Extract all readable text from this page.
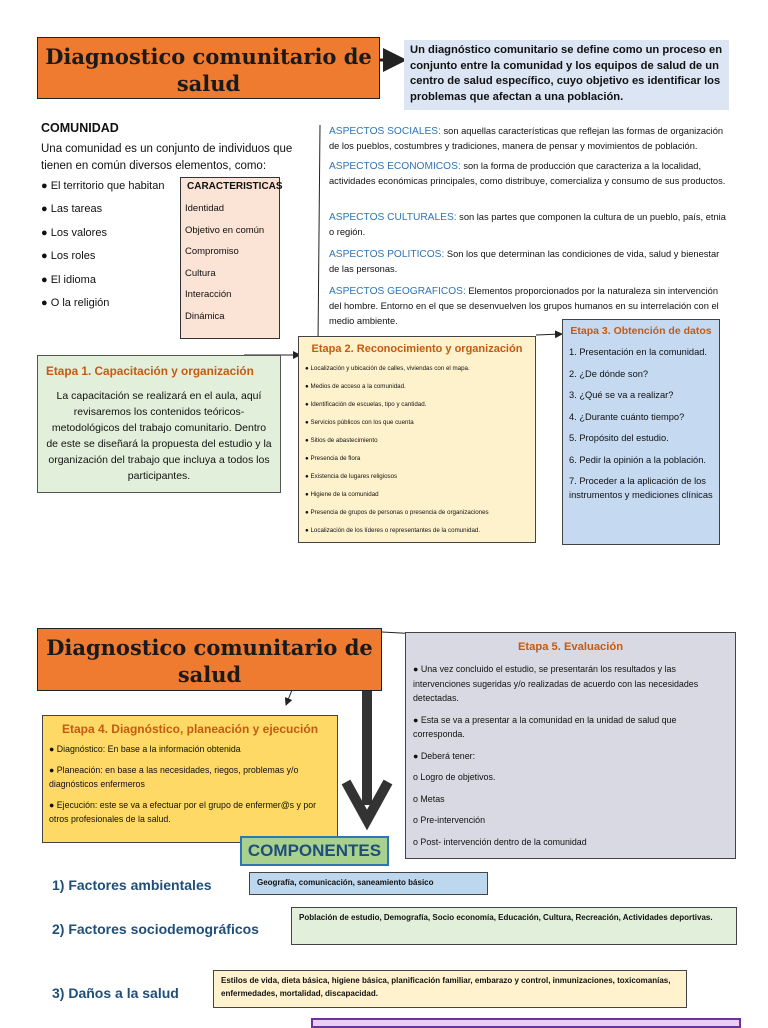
Diagnostico comunitario de salud
Un diagnóstico comunitario se define como un proceso en conjunto entre la comunidad y los equipos de salud de un centro de salud específico, cuyo objetivo es identificar los problemas que afectan a una población.
COMUNIDAD
Una comunidad es un conjunto de individuos que tienen en común diversos elementos, como:
● El territorio que habitan
● Las tareas
● Los valores
● Los roles
● El idioma
● O la religión
CARACTERISTICAS
Identidad
Objetivo en común
Compromiso
Cultura
Interacción
Dinámica
ASPECTOS SOCIALES: son aquellas características que reflejan las formas de organización de los pueblos, costumbres y tradiciones, manera de pensar y movimientos de población.
ASPECTOS ECONOMICOS: son la forma de producción que caracteriza a la localidad, actividades económicas principales, como distribuye, comercializa y consumo de sus productos.
ASPECTOS CULTURALES: son las partes que componen la cultura de un pueblo, país, etnia o región.
ASPECTOS POLITICOS: Son los que determinan las condiciones de vida, salud y bienestar de las personas.
ASPECTOS GEOGRAFICOS: Elementos proporcionados por la naturaleza sin intervención del hombre. Entorno en el que se desenvuelven los grupos humanos en su interrelación con el medio ambiente.
Etapa 1. Capacitación y organización
La capacitación se realizará en el aula, aquí revisaremos los contenidos teóricos-metodológicos del trabajo comunitario. Dentro de este se diseñará la propuesta del estudio y la organización del trabajo que incluya a todos los participantes.
Etapa 2. Reconocimiento y organización
● Localización y ubicación de calles, viviendas con el mapa.
● Medios de acceso a la comunidad.
● Identificación de escuelas, tipo y cantidad.
● Servicios públicos con los que cuenta
● Sitios de abastecimiento
● Presencia de flora
● Existencia de lugares religiosos
● Higiene de la comunidad
● Presencia de grupos de personas o presencia de organizaciones
● Localización de los líderes o representantes de la comunidad.
Etapa 3. Obtención de datos
1. Presentación en la comunidad.
2. ¿De dónde son?
3. ¿Qué se va a realizar?
4. ¿Durante cuánto tiempo?
5. Propósito del estudio.
6. Pedir la opinión a la población.
7. Proceder a la aplicación de los instrumentos y mediciones clínicas
Diagnostico comunitario de salud
Etapa 5. Evaluación
● Una vez concluido el estudio, se presentarán los resultados y las intervenciones sugeridas y/o realizadas de acuerdo con las necesidades detectadas.
● Esta se va a presentar a la comunidad en la unidad de salud que corresponda.
● Deberá tener:
o Logro de objetivos.
o Metas
o Pre-intervención
o Post- intervención dentro de la comunidad
Etapa 4. Diagnóstico, planeación y ejecución
● Diagnóstico: En base a la información obtenida
● Planeación: en base a las necesidades, riegos, problemas y/o diagnósticos enfermeros
● Ejecución: este se va a efectuar por el grupo de enfermer@s y por otros profesionales de la salud.
COMPONENTES
1) Factores ambientales	Geografía, comunicación, saneamiento básico
2) Factores sociodemográficos
Población de estudio, Demografía, Socio economía, Educación, Cultura, Recreación, Actividades deportivas.
3) Daños a la salud
Estilos de vida, dieta básica, higiene básica, planificación familiar, embarazo y control, inmunizaciones, toxicomanías, enfermedades, mortalidad, discapacidad.
